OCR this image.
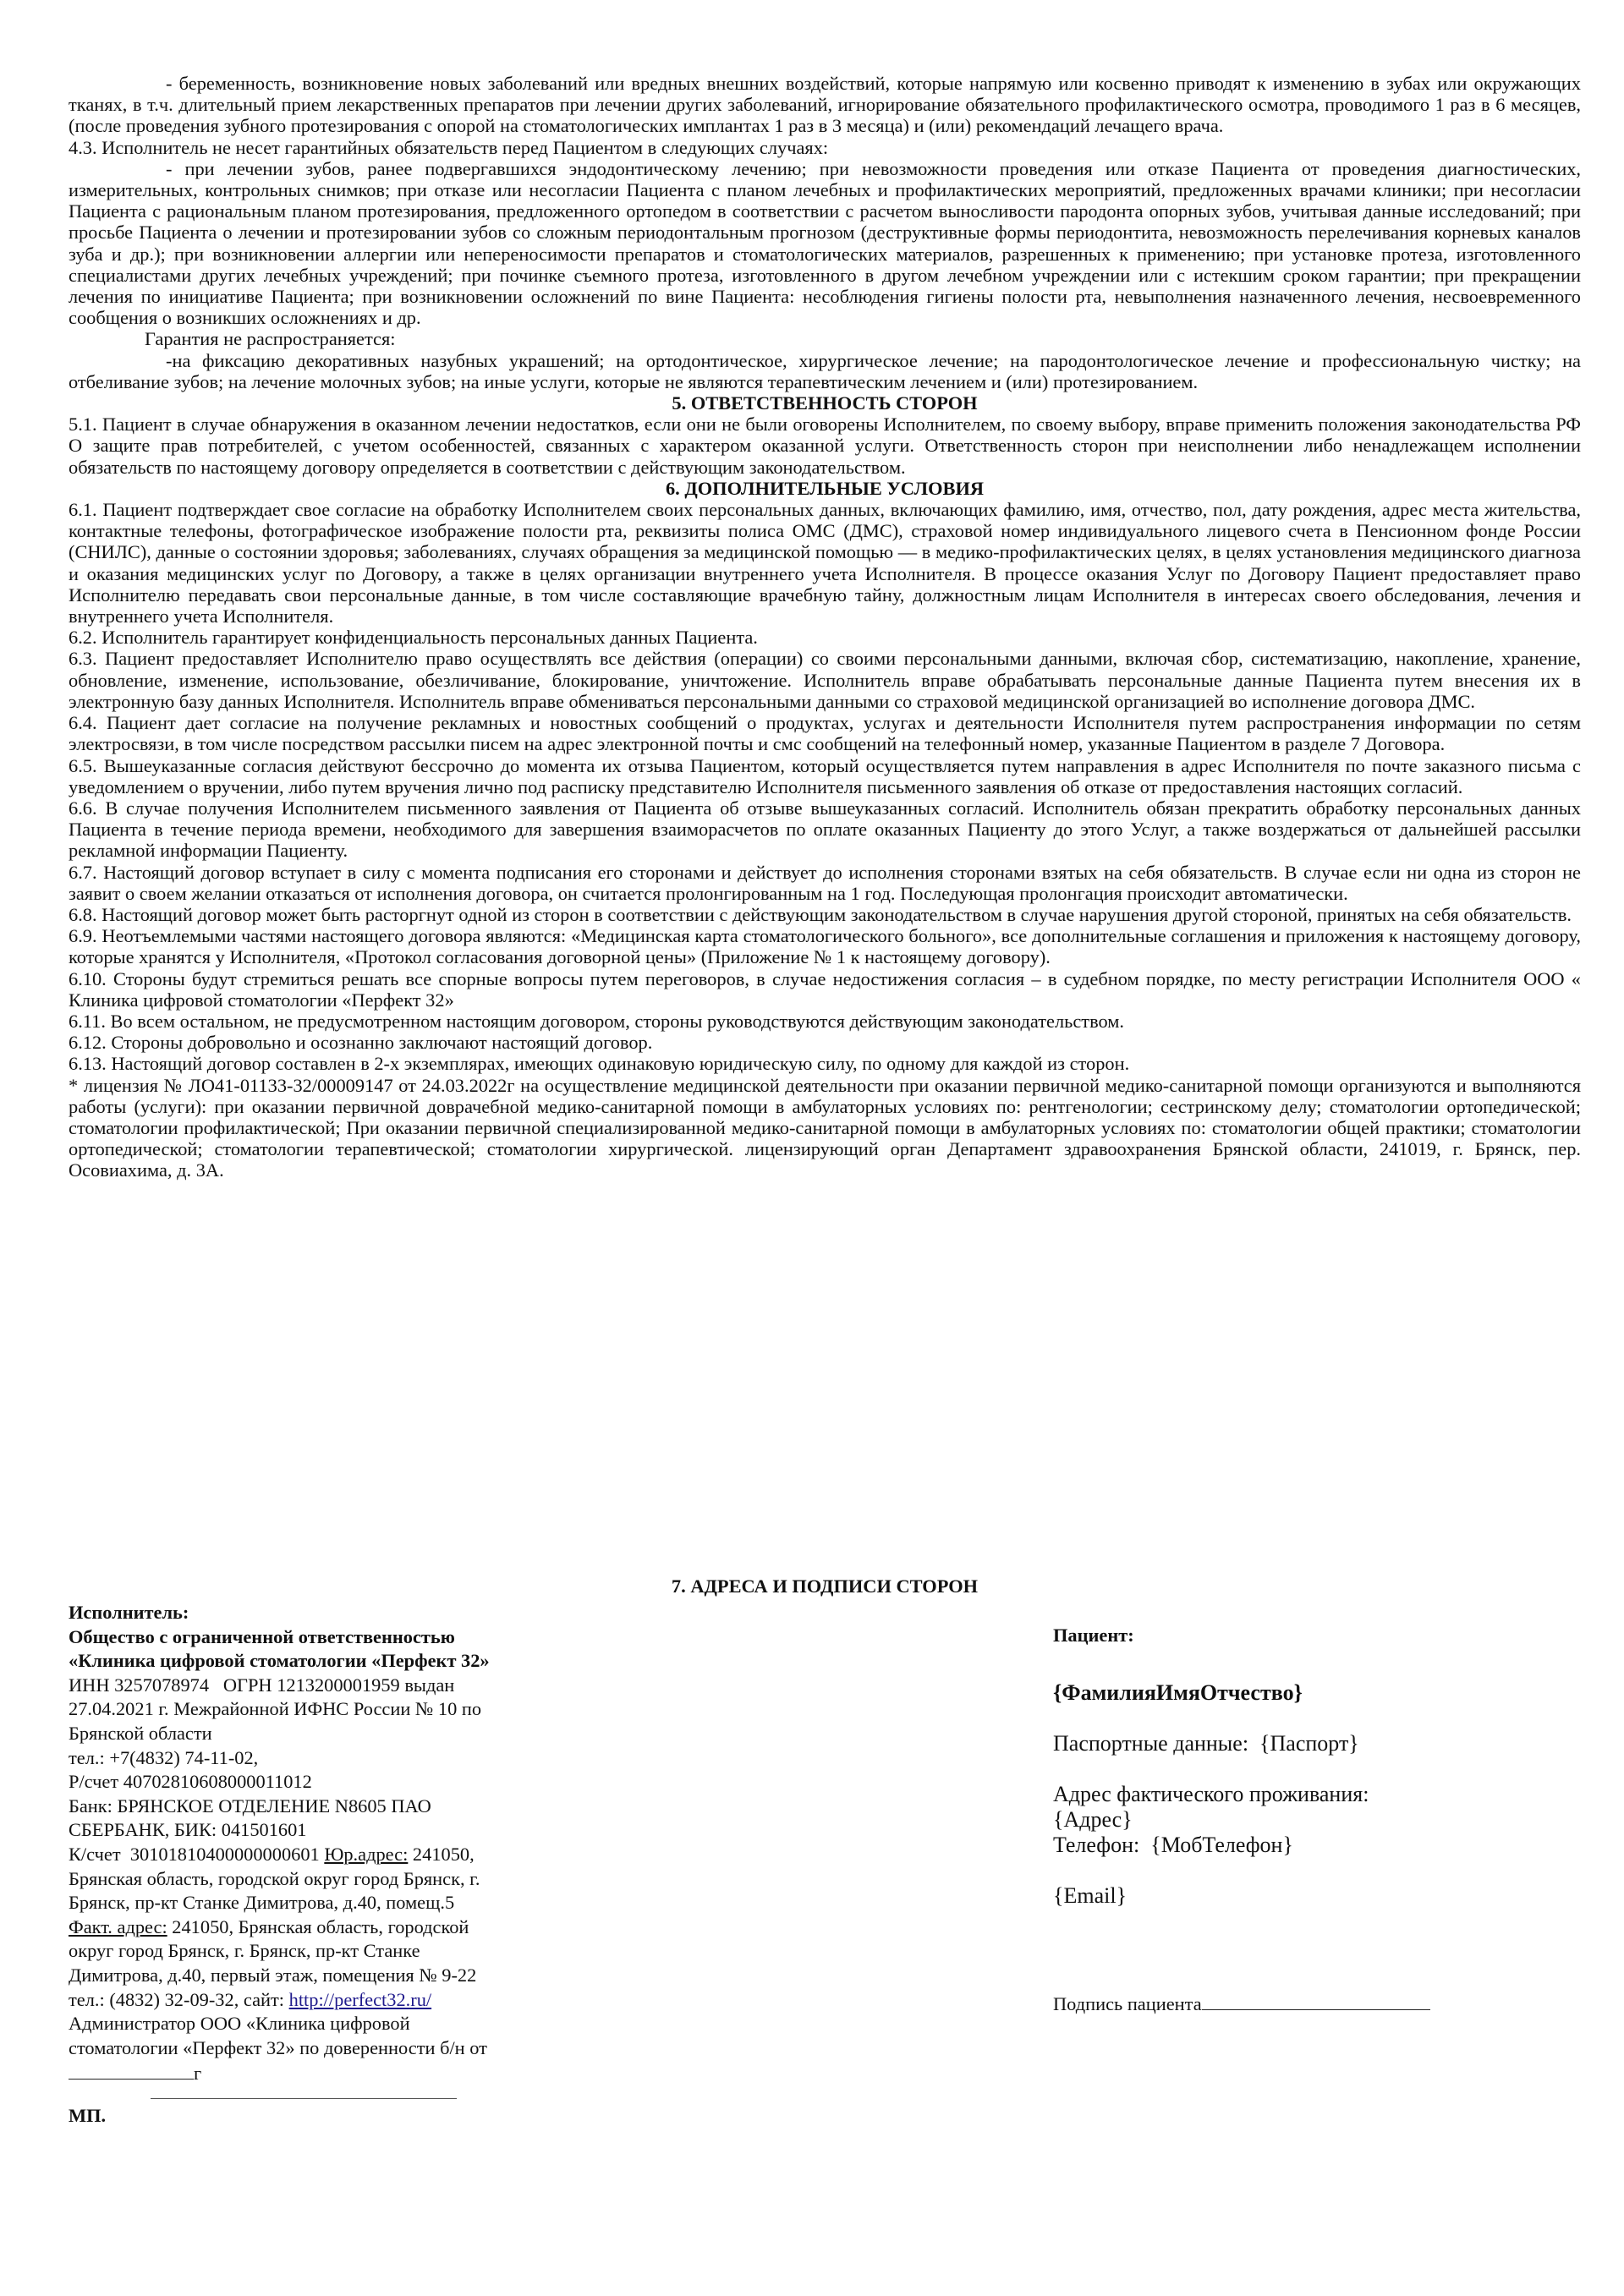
- беременность, возникновение новых заболеваний или вредных внешних воздействий, которые напрямую или косвенно приводят к изменению в зубах или окружающих тканях, в т.ч. длительный прием лекарственных препаратов при лечении других заболеваний, игнорирование обязательного профилактического осмотра, проводимого 1 раз в 6 месяцев, (после проведения зубного протезирования с опорой на стоматологических имплантах 1 раз в 3 месяца) и (или) рекомендаций лечащего врача.

4.3. Исполнитель не несет гарантийных обязательств перед Пациентом в следующих случаях:

- при лечении зубов, ранее подвергавшихся эндодонтическому лечению; при невозможности проведения или отказе Пациента от проведения диагностических, измерительных, контрольных снимков; при отказе или несогласии Пациента с планом лечебных и профилактических мероприятий, предложенных врачами клиники; при несогласии Пациента с рациональным планом протезирования, предложенного ортопедом в соответствии с расчетом выносливости пародонта опорных зубов, учитывая данные исследований; при просьбе Пациента о лечении и протезировании зубов со сложным периодонтальным прогнозом (деструктивные формы периодонтита, невозможность перелечивания корневых каналов зуба и др.); при возникновении аллергии или непереносимости препаратов и стоматологических материалов, разрешенных к применению; при установке протеза, изготовленного специалистами других лечебных учреждений; при починке съемного протеза, изготовленного в другом лечебном учреждении или с истекшим сроком гарантии; при прекращении лечения по инициативе Пациента; при возникновении осложнений по вине Пациента: несоблюдения гигиены полости рта, невыполнения назначенного лечения, несвоевременного сообщения о возникших осложнениях и др.

Гарантия не распространяется:

-на фиксацию декоративных назубных украшений; на ортодонтическое, хирургическое лечение; на пародонтологическое лечение и профессиональную чистку; на отбеливание зубов; на лечение молочных зубов; на иные услуги, которые не являются терапевтическим лечением и (или) протезированием.

5. ОТВЕТСТВЕННОСТЬ СТОРОН

5.1. Пациент в случае обнаружения в оказанном лечении недостатков, если они не были оговорены Исполнителем, по своему выбору, вправе применить положения законодательства РФ О защите прав потребителей, с учетом особенностей, связанных с характером оказанной услуги. Ответственность сторон при неисполнении либо ненадлежащем исполнении обязательств по настоящему договору определяется в соответствии с действующим законодательством.

6. ДОПОЛНИТЕЛЬНЫЕ УСЛОВИЯ

6.1. Пациент подтверждает свое согласие на обработку Исполнителем своих персональных данных, включающих фамилию, имя, отчество, пол, дату рождения, адрес места жительства, контактные телефоны, фотографическое изображение полости рта, реквизиты полиса ОМС (ДМС), страховой номер индивидуального лицевого счета в Пенсионном фонде России (СНИЛС), данные о состоянии здоровья; заболеваниях, случаях обращения за медицинской помощью — в медико-профилактических целях, в целях установления медицинского диагноза и оказания медицинских услуг по Договору, а также в целях организации внутреннего учета Исполнителя. В процессе оказания Услуг по Договору Пациент предоставляет право Исполнителю передавать свои персональные данные, в том числе составляющие врачебную тайну, должностным лицам Исполнителя в интересах своего обследования, лечения и внутреннего учета Исполнителя.

6.2. Исполнитель гарантирует конфиденциальность персональных данных Пациента.

6.3. Пациент предоставляет Исполнителю право осуществлять все действия (операции) со своими персональными данными, включая сбор, систематизацию, накопление, хранение, обновление, изменение, использование, обезличивание, блокирование, уничтожение. Исполнитель вправе обрабатывать персональные данные Пациента путем внесения их в электронную базу данных Исполнителя. Исполнитель вправе обмениваться персональными данными со страховой медицинской организацией во исполнение договора ДМС.

6.4. Пациент дает согласие на получение рекламных и новостных сообщений о продуктах, услугах и деятельности Исполнителя путем распространения информации по сетям электросвязи, в том числе посредством рассылки писем на адрес электронной почты и смс сообщений на телефонный номер, указанные Пациентом в разделе 7 Договора.

6.5. Вышеуказанные согласия действуют бессрочно до момента их отзыва Пациентом, который осуществляется путем направления в адрес Исполнителя по почте заказного письма с уведомлением о вручении, либо путем вручения лично под расписку представителю Исполнителя письменного заявления об отказе от предоставления настоящих согласий.

6.6. В случае получения Исполнителем письменного заявления от Пациента об отзыве вышеуказанных согласий. Исполнитель обязан прекратить обработку персональных данных Пациента в течение периода времени, необходимого для завершения взаиморасчетов по оплате оказанных Пациенту до этого Услуг, а также воздержаться от дальнейшей рассылки рекламной информации Пациенту.

6.7. Настоящий договор вступает в силу с момента подписания его сторонами и действует до исполнения сторонами взятых на себя обязательств. В случае если ни одна из сторон не заявит о своем желании отказаться от исполнения договора, он считается пролонгированным на 1 год. Последующая пролонгация происходит автоматически.

6.8. Настоящий договор может быть расторгнут одной из сторон в соответствии с действующим законодательством в случае нарушения другой стороной, принятых на себя обязательств.

6.9. Неотъемлемыми частями настоящего договора являются: «Медицинская карта стоматологического больного», все дополнительные соглашения и приложения к настоящему договору, которые хранятся у Исполнителя, «Протокол согласования договорной цены» (Приложение № 1 к настоящему договору).

6.10. Стороны будут стремиться решать все спорные вопросы путем переговоров, в случае недостижения согласия – в судебном порядке, по месту регистрации Исполнителя ООО « Клиника цифровой стоматологии «Перфект 32»

6.11. Во всем остальном, не предусмотренном настоящим договором, стороны руководствуются действующим законодательством.

6.12. Стороны добровольно и осознанно заключают настоящий договор.

6.13. Настоящий договор составлен в 2-х экземплярах, имеющих одинаковую юридическую силу, по одному для каждой из сторон.

* лицензия № ЛО41-01133-32/00009147 от 24.03.2022г на осуществление медицинской деятельности при оказании первичной медико-санитарной помощи организуются и выполняются работы (услуги): при оказании первичной доврачебной медико-санитарной помощи в амбулаторных условиях по: рентгенологии; сестринскому делу; стоматологии ортопедической; стоматологии профилактической; При оказании первичной специализированной медико-санитарной помощи в амбулаторных условиях по: стоматологии общей практики; стоматологии ортопедической; стоматологии терапевтической; стоматологии хирургической. лицензирующий орган Департамент здравоохранения Брянской области, 241019, г. Брянск, пер. Осовиахима, д. 3А.

7. АДРЕСА И ПОДПИСИ СТОРОН
Исполнитель:
Общество с ограниченной ответственностью
«Клиника цифровой стоматологии «Перфект 32»
ИНН 3257078974   ОГРН 1213200001959 выдан
27.04.2021 г. Межрайонной ИФНС России № 10 по
Брянской области
тел.: +7(4832) 74-11-02,
Р/счет 40702810608000011012
Банк: БРЯНСКОЕ ОТДЕЛЕНИЕ N8605 ПАО
СБЕРБАНК, БИК: 041501601
К/счет  30101810400000000601 Юр.адрес: 241050,
Брянская область, городской округ город Брянск, г.
Брянск, пр-кт Станке Димитрова, д.40, помещ.5
Факт. адрес: 241050, Брянская область, городской
округ город Брянск, г. Брянск, пр-кт Станке
Димитрова, д.40, первый этаж, помещения № 9-22
тел.: (4832) 32-09-32, сайт: http://perfect32.ru/
Администратор ООО «Клиника цифровой
стоматологии «Перфект 32» по доверенности б/н от
г
МП.
Пациент:
{ФамилияИмяОтчество}
Паспортные данные:  {Паспорт}
Адрес фактического проживания:
{Адрес}
Телефон:  {МобТелефон}
{Email}
Подпись пациента
